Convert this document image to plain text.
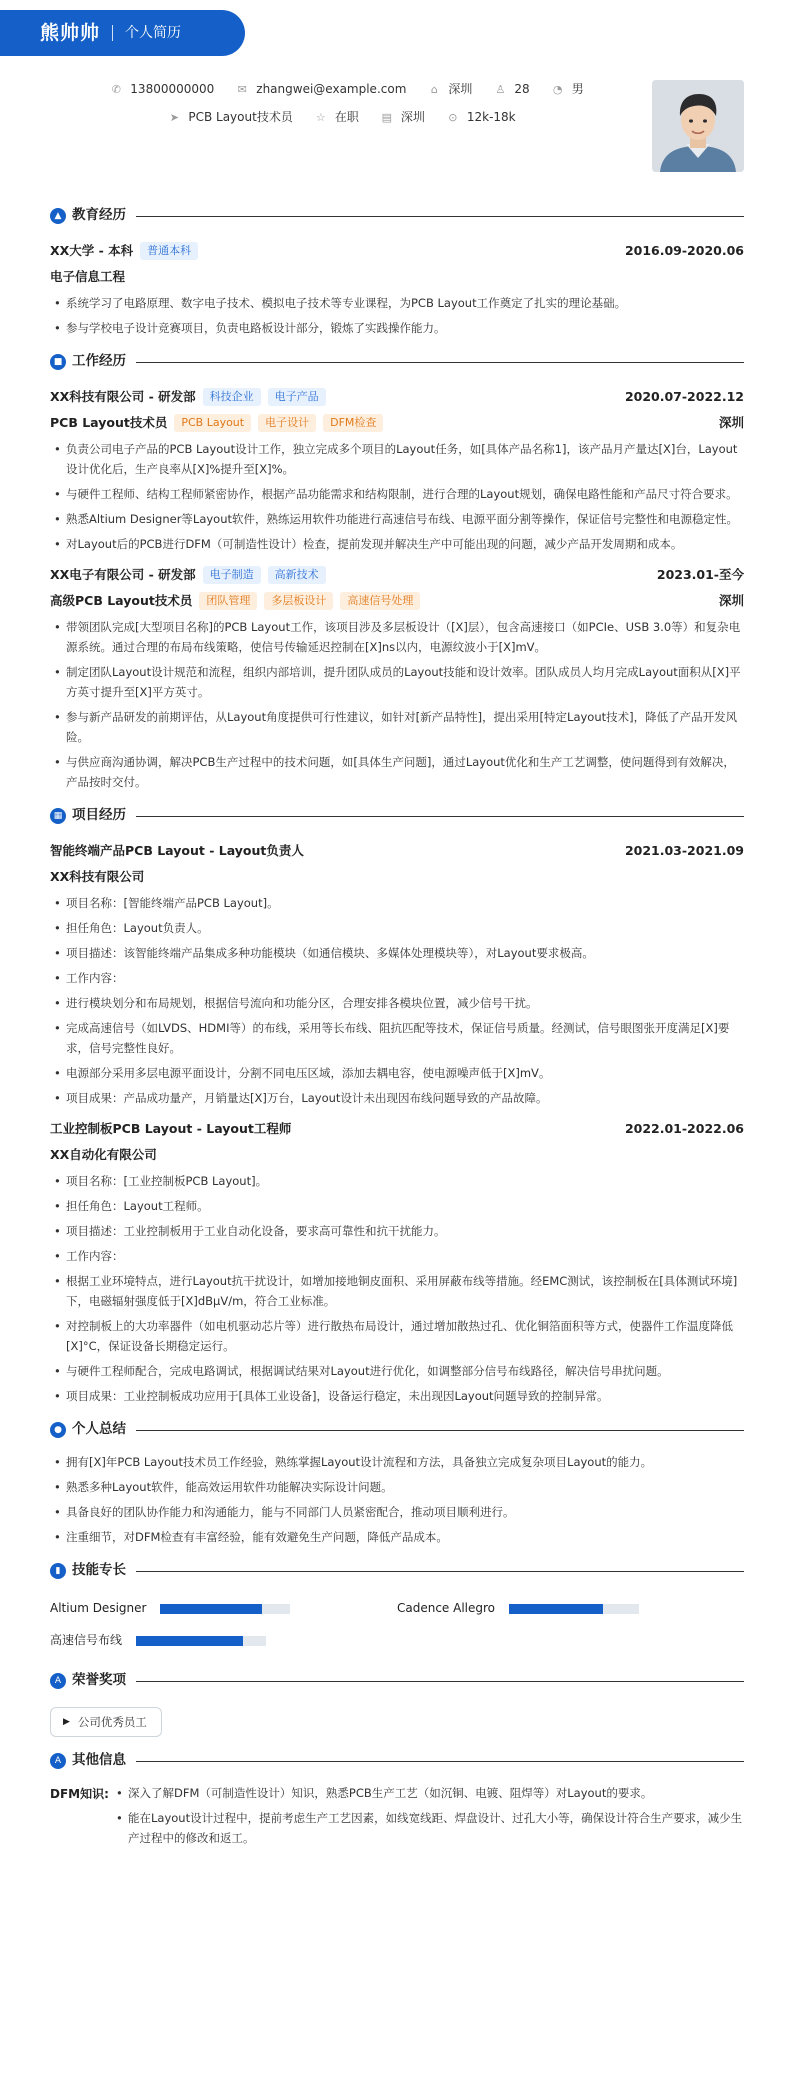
熊帅帅 个人简历
✆ 13800000000 ✉ zhangwei@example.com ⌂ 深圳 ♙ 28 ◔ 男
➤ PCB Layout技术员 ☆ 在职 ▤ 深圳 ⊙ 12k-18k
▲ 教育经历
XX大学 - 本科	普通本科	2016.09-2020.06
电子信息工程
• 系统学习了电路原理、数字电子技术、模拟电子技术等专业课程，为PCB Layout工作奠定了扎实的理论基础。
• 参与学校电子设计竞赛项目，负责电路板设计部分，锻炼了实践操作能力。
■ 工作经历
XX科技有限公司 - 研发部	科技企业	电子产品	2020.07-2022.12
PCB Layout技术员	PCB Layout	电子设计	DFM检查	深圳
• 负责公司电子产品的PCB Layout设计工作，独立完成多个项目的Layout任务，如[具体产品名称1]，该产品月产量达[X]台，Layout设计优化后，生产良率从[X]%提升至[X]%。
• 与硬件工程师、结构工程师紧密协作，根据产品功能需求和结构限制，进行合理的Layout规划，确保电路性能和产品尺寸符合要求。
• 熟悉Altium Designer等Layout软件，熟练运用软件功能进行高速信号布线、电源平面分割等操作，保证信号完整性和电源稳定性。
• 对Layout后的PCB进行DFM（可制造性设计）检查，提前发现并解决生产中可能出现的问题，减少产品开发周期和成本。
XX电子有限公司 - 研发部	电子制造	高新技术	2023.01-至今
高级PCB Layout技术员	团队管理	多层板设计	高速信号处理	深圳
• 带领团队完成[大型项目名称]的PCB Layout工作，该项目涉及多层板设计（[X]层），包含高速接口（如PCIe、USB 3.0等）和复杂电源系统。通过合理的布局布线策略，使信号传输延迟控制在[X]ns以内，电源纹波小于[X]mV。
• 制定团队Layout设计规范和流程，组织内部培训，提升团队成员的Layout技能和设计效率。团队成员人均月完成Layout面积从[X]平方英寸提升至[X]平方英寸。
• 参与新产品研发的前期评估，从Layout角度提供可行性建议，如针对[新产品特性]，提出采用[特定Layout技术]，降低了产品开发风险。
• 与供应商沟通协调，解决PCB生产过程中的技术问题，如[具体生产问题]，通过Layout优化和生产工艺调整，使问题得到有效解决，产品按时交付。
▦ 项目经历
智能终端产品PCB Layout - Layout负责人	2021.03-2021.09
XX科技有限公司
• 项目名称：[智能终端产品PCB Layout]。
• 担任角色：Layout负责人。
• 项目描述：该智能终端产品集成多种功能模块（如通信模块、多媒体处理模块等），对Layout要求极高。
• 工作内容：
• 进行模块划分和布局规划，根据信号流向和功能分区，合理安排各模块位置，减少信号干扰。
• 完成高速信号（如LVDS、HDMI等）的布线，采用等长布线、阻抗匹配等技术，保证信号质量。经测试，信号眼图张开度满足[X]要求，信号完整性良好。
• 电源部分采用多层电源平面设计，分割不同电压区域，添加去耦电容，使电源噪声低于[X]mV。
• 项目成果：产品成功量产，月销量达[X]万台，Layout设计未出现因布线问题导致的产品故障。
工业控制板PCB Layout - Layout工程师	2022.01-2022.06
XX自动化有限公司
• 项目名称：[工业控制板PCB Layout]。
• 担任角色：Layout工程师。
• 项目描述：工业控制板用于工业自动化设备，要求高可靠性和抗干扰能力。
• 工作内容：
• 根据工业环境特点，进行Layout抗干扰设计，如增加接地铜皮面积、采用屏蔽布线等措施。经EMC测试，该控制板在[具体测试环境]下，电磁辐射强度低于[X]dBμV/m，符合工业标准。
• 对控制板上的大功率器件（如电机驱动芯片等）进行散热布局设计，通过增加散热过孔、优化铜箔面积等方式，使器件工作温度降低[X]°C，保证设备长期稳定运行。
• 与硬件工程师配合，完成电路调试，根据调试结果对Layout进行优化，如调整部分信号布线路径，解决信号串扰问题。
• 项目成果：工业控制板成功应用于[具体工业设备]，设备运行稳定，未出现因Layout问题导致的控制异常。
● 个人总结
• 拥有[X]年PCB Layout技术员工作经验，熟练掌握Layout设计流程和方法，具备独立完成复杂项目Layout的能力。
• 熟悉多种Layout软件，能高效运用软件功能解决实际设计问题。
• 具备良好的团队协作能力和沟通能力，能与不同部门人员紧密配合，推动项目顺利进行。
• 注重细节，对DFM检查有丰富经验，能有效避免生产问题，降低产品成本。
▮ 技能专长
Altium Designer	Cadence Allegro
高速信号布线
A 荣誉奖项
▶ 公司优秀员工
A 其他信息
DFM知识:
•	深入了解DFM（可制造性设计）知识，熟悉PCB生产工艺（如沉铜、电镀、阻焊等）对Layout的要求。
• 能在Layout设计过程中，提前考虑生产工艺因素，如线宽线距、焊盘设计、过孔大小等，确保设计符合生产要求，减少生产过程中的修改和返工。
